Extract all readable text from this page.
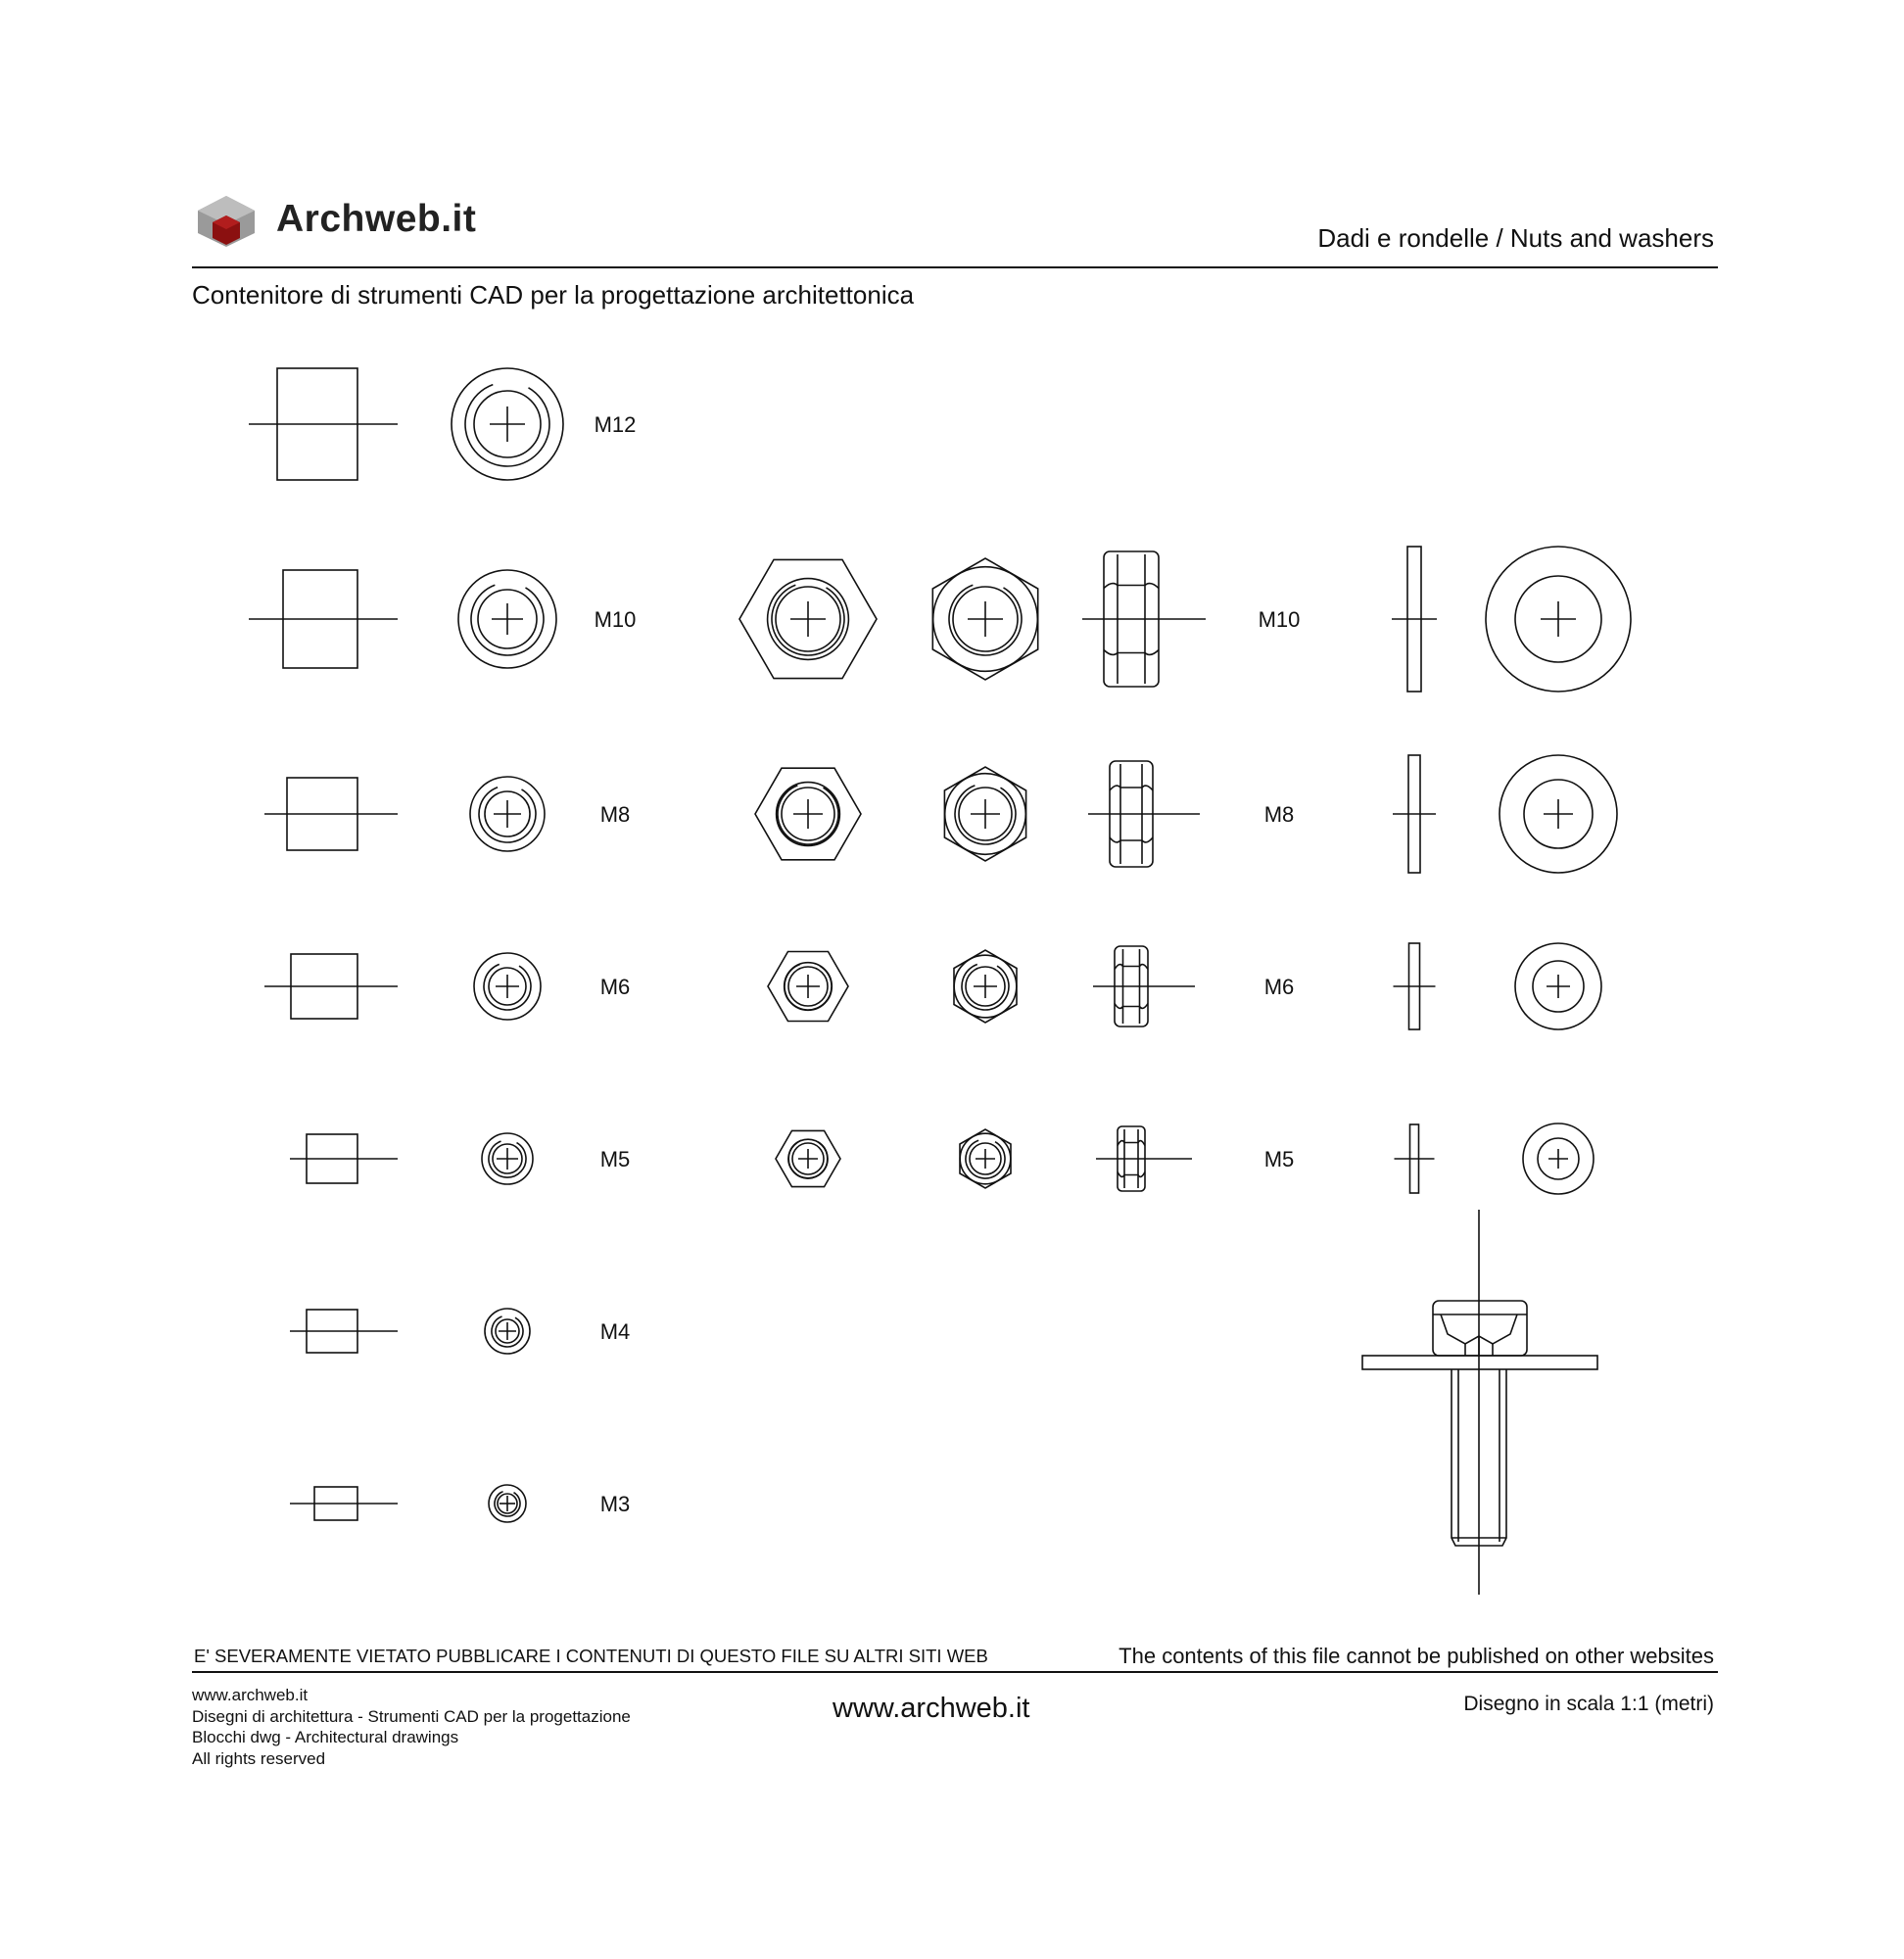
Archweb.it	Dadi e rondelle / Nuts and washers
Contenitore di strumenti CAD per la progettazione architettonica
M12
M10
M8
M6
M5
M4
M3
M10
M8
M6
M5
E' SEVERAMENTE VIETATO PUBBLICARE I CONTENUTI DI QUESTO FILE SU ALTRI SITI WEB	The contents of this file cannot be published on other websites
www.archweb.it
Disegni di architettura - Strumenti CAD per la progettazione
Blocchi dwg - Architectural drawings
All rights reserved
www.archweb.it	Disegno in scala 1:1 (metri)
